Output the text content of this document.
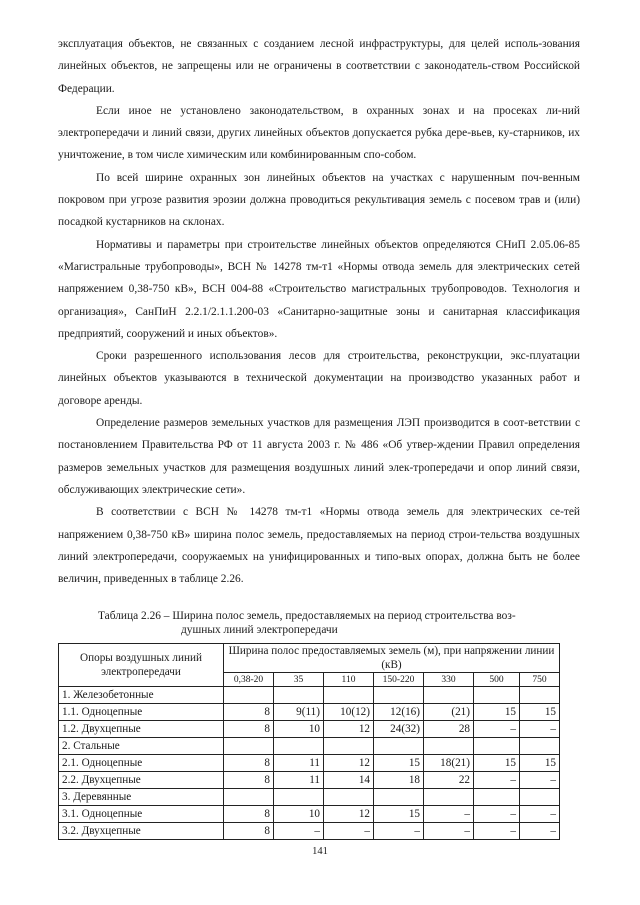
эксплуатация объектов, не связанных с созданием лесной инфраструктуры, для целей исполь-зования линейных объектов, не запрещены или не ограничены в соответствии с законодатель-ством Российской Федерации.

Если иное не установлено законодательством, в охранных зонах и на просеках ли-ний электропередачи и линий связи, других линейных объектов допускается рубка дере-вьев, ку-старников, их уничтожение, в том числе химическим или комбинированным спо-собом.

По всей ширине охранных зон линейных объектов на участках с нарушенным поч-венным покровом при угрозе развития эрозии должна проводиться рекультивация земель с посевом трав и (или) посадкой кустарников на склонах.

Нормативы и параметры при строительстве линейных объектов определяются СНиП 2.05.06-85 «Магистральные трубопроводы», ВСН № 14278 тм-т1 «Нормы отвода земель для электрических сетей напряжением 0,38-750 кВ», ВСН 004-88 «Строительство магистральных трубопроводов. Технология и организация», СанПиН 2.2.1/2.1.1.200-03 «Санитарно-защитные зоны и санитарная классификация предприятий, сооружений и иных объектов».

Сроки разрешенного использования лесов для строительства, реконструкции, экс-плуатации линейных объектов указываются в технической документации на производство указанных работ и договоре аренды.

Определение размеров земельных участков для размещения ЛЭП производится в соот-ветствии с постановлением Правительства РФ от 11 августа 2003 г. № 486 «Об утвер-ждении Правил определения размеров земельных участков для размещения воздушных линий элек-тропередачи и опор линий связи, обслуживающих электрические сети».

В соответствии с ВСН № 14278 тм-т1 «Нормы отвода земель для электрических се-тей напряжением 0,38-750 кВ» ширина полос земель, предоставляемых на период строи-тельства воздушных линий электропередачи, сооружаемых на унифицированных и типо-вых опорах, должна быть не более величин, приведенных в таблице 2.26.

Таблица 2.26 – Ширина полос земель, предоставляемых на период строительства воз-
душных линий электропередачи
Опоры воздушных линий электропередачи	Ширина полос предоставляемых земель (м), при напряжении линии (кВ)						
	0,38-20	35	110	150-220	330	500	750
1. Железобетонные							
1.1. Одноцепные	8	9(11)	10(12)	12(16)	(21)	15	15
1.2. Двухцепные	8	10	12	24(32)	28	–	–
2. Стальные							
2.1. Одноцепные	8	11	12	15	18(21)	15	15
2.2. Двухцепные	8	11	14	18	22	–	–
3. Деревянные							
3.1. Одноцепные	8	10	12	15	–	–	–
3.2. Двухцепные	8	–	–	–	–	–	–
141
